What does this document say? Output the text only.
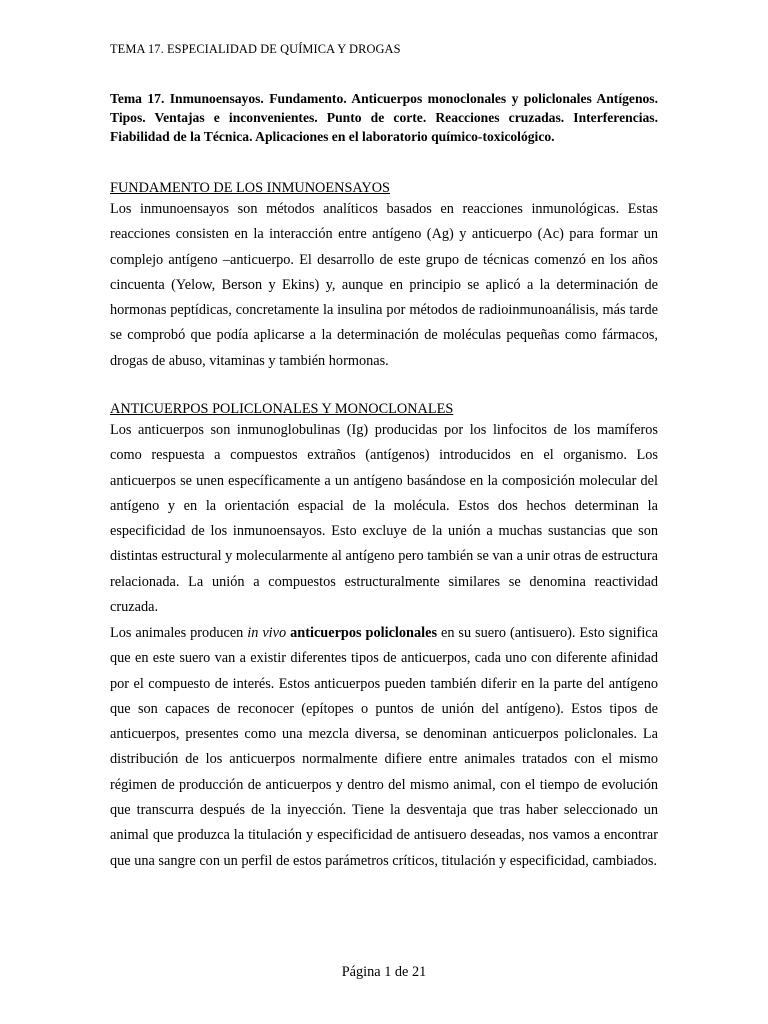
TEMA 17. ESPECIALIDAD DE QUÍMICA Y DROGAS

Tema 17. Inmunoensayos. Fundamento. Anticuerpos monoclonales y policlonales Antígenos. Tipos. Ventajas e inconvenientes. Punto de corte. Reacciones cruzadas. Interferencias. Fiabilidad de la Técnica. Aplicaciones en el laboratorio químico-toxicológico.

FUNDAMENTO DE LOS INMUNOENSAYOS

Los inmunoensayos son métodos analíticos basados en reacciones inmunológicas. Estas reacciones consisten en la interacción entre antígeno (Ag) y anticuerpo (Ac) para formar un complejo antígeno –anticuerpo. El desarrollo de este grupo de técnicas comenzó en los años cincuenta (Yelow, Berson y Ekins) y, aunque en principio se aplicó a la determinación de hormonas peptídicas, concretamente la insulina por métodos de radioinmunoanálisis, más tarde se comprobó que podía aplicarse a la determinación de moléculas pequeñas como fármacos, drogas de abuso, vitaminas y también hormonas.

ANTICUERPOS POLICLONALES Y MONOCLONALES

Los anticuerpos son inmunoglobulinas (Ig) producidas por los linfocitos de los mamíferos como respuesta a compuestos extraños (antígenos) introducidos en el organismo. Los anticuerpos se unen específicamente a un antígeno basándose en la composición molecular del antígeno y en la orientación espacial de la molécula. Estos dos hechos determinan la especificidad de los inmunoensayos. Esto excluye de la unión a muchas sustancias que son distintas estructural y molecularmente al antígeno pero también se van a unir otras de estructura relacionada. La unión a compuestos estructuralmente similares se denomina reactividad cruzada.

Los animales producen in vivo anticuerpos policlonales en su suero (antisuero). Esto significa que en este suero van a existir diferentes tipos de anticuerpos, cada uno con diferente afinidad por el compuesto de interés. Estos anticuerpos pueden también diferir en la parte del antígeno que son capaces de reconocer (epítopes o puntos de unión del antígeno). Estos tipos de anticuerpos, presentes como una mezcla diversa, se denominan anticuerpos policlonales. La distribución de los anticuerpos normalmente difiere entre animales tratados con el mismo régimen de producción de anticuerpos y dentro del mismo animal, con el tiempo de evolución que transcurra después de la inyección. Tiene la desventaja que tras haber seleccionado un animal que produzca la titulación y especificidad de antisuero deseadas, nos vamos a encontrar que una sangre con un perfil de estos parámetros críticos, titulación y especificidad, cambiados.

Página 1 de 21
